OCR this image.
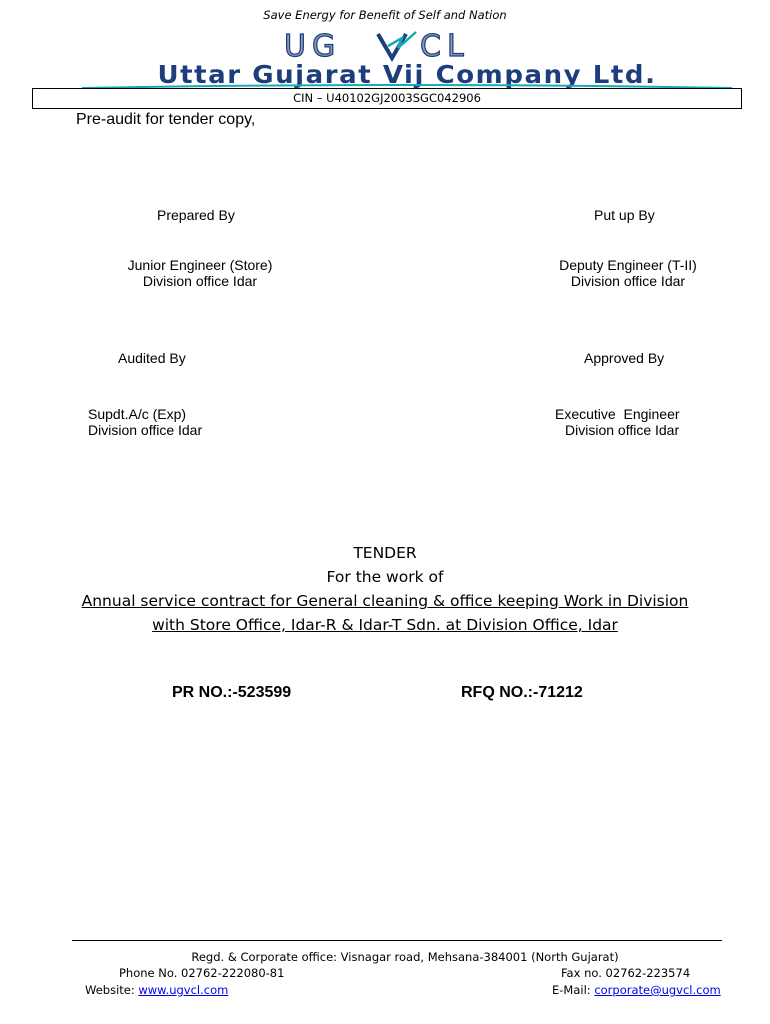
Save Energy for Benefit of Self and Nation
UG	CL
Uttar Gujarat Vij Company Ltd.
CIN – U40102GJ2003SGC042906
Pre-audit for tender copy,
Prepared By	Put up By
Junior Engineer (Store)
Division office Idar
Deputy Engineer (T-II)
Division office Idar
Audited By	Approved By
Supdt.A/c (Exp)
Division office Idar
Executive  Engineer
Division office Idar
TENDER
For the work of
Annual service contract for General cleaning & office keeping Work in Division
with Store Office, Idar-R & Idar-T Sdn. at Division Office, Idar
PR NO.:-523599	RFQ NO.:-71212
Regd. & Corporate office: Visnagar road, Mehsana-384001 (North Gujarat)
Phone No. 02762-222080-81	Fax no. 02762-223574
Website: www.ugvcl.com	E-Mail: corporate@ugvcl.com
